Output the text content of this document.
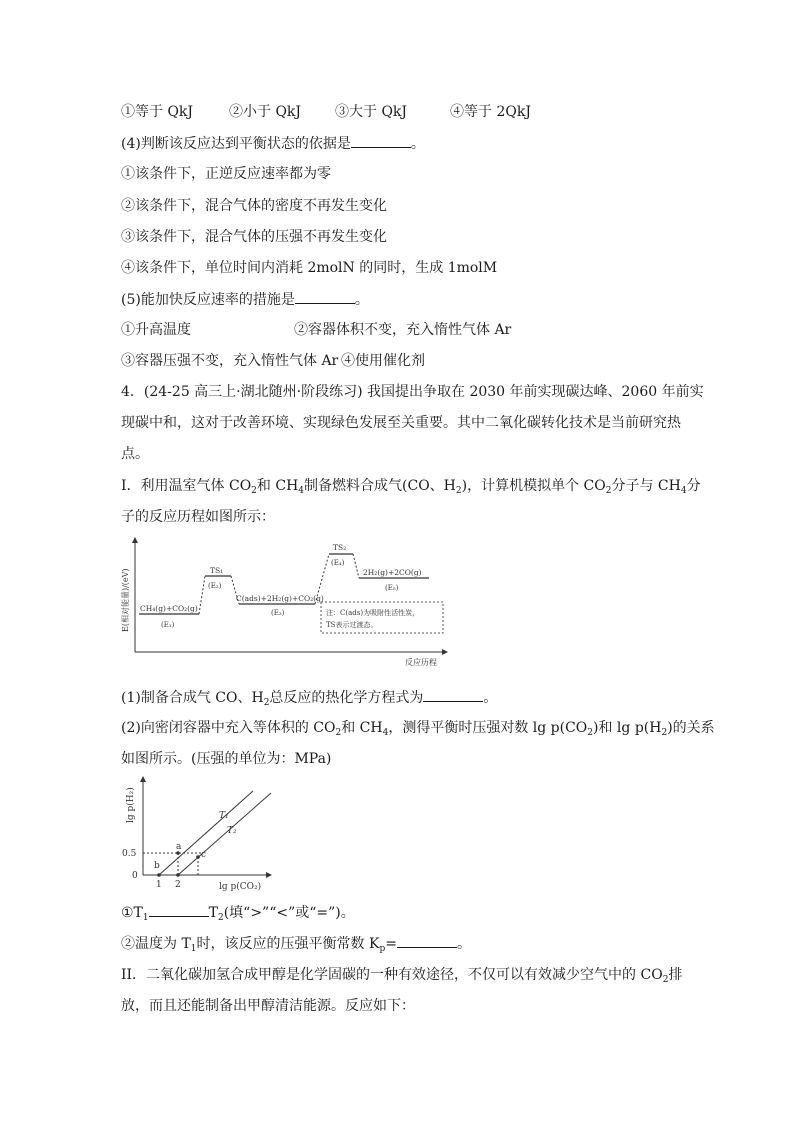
①等于 QkJ	②小于 QkJ ③大于 QkJ	④等于 2QkJ
(4)判断该反应达到平衡状态的依据是	。
①该条件下，正逆反应速率都为零
②该条件下，混合气体的密度不再发生变化
③该条件下，混合气体的压强不再发生变化
④该条件下，单位时间内消耗 2molN 的同时，生成 1molM
(5)能加快反应速率的措施是	。
①升高温度	②容器体积不变，充入惰性气体 Ar
③容器压强不变，充入惰性气体 Ar ④使用催化剂
4．(24-25 高三上·湖北随州·阶段练习) 我国提出争取在 2030 年前实现碳达峰、2060 年前实
现碳中和，这对于改善环境、实现绿色发展至关重要。其中二氧化碳转化技术是当前研究热
点。
I．利用温室气体 $CO_2$和 $CH_4$制备燃料合成气(CO、$H_2$)，计算机模拟单个 $CO_2$分子与 $CH_4$分
子的反应历程如图所示：
E(相对能量)/(eV)
反应历程
CH₄(g)+CO₂(g)
(E₁)
TS₁
(E₂)
C(ads)+2H₂(g)+CO₂(g)
(E₃)
TS₂
(E₄)
2H₂(g)+2CO(g)
(E₅)
注：C(ads)为吸附性活性炭，
TS表示过渡态。
(1)制备合成气 CO、$H_2$总反应的热化学方程式为	。
(2)向密闭容器中充入等体积的 $CO_2$和 $CH_4$，测得平衡时压强对数 $\lg p(CO_2)$和 $\lg p(H_2)$的关系
如图所示。(压强的单位为：MPa)
lg p(H₂)
lg p(CO₂)
0.5
0
1 2
a
b
c
T₁
T₂
$①T_1$	$T_2$(填“>”“<”或“=”)。
②温度为 $T_1$时，该反应的压强平衡常数 $K_p=$	。
II．二氧化碳加氢合成甲醇是化学固碳的一种有效途径，不仅可以有效减少空气中的 $CO_2$排
放，而且还能制备出甲醇清洁能源。反应如下：
